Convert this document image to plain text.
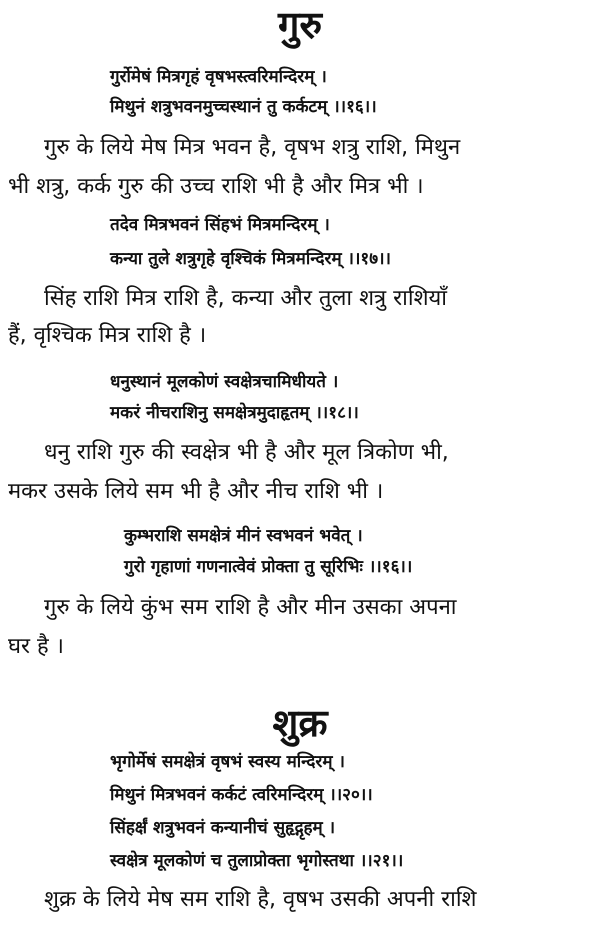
गुरु
गुर्रोमेषं मित्रगृहं वृषभस्त्वरिमन्दिरम् ।
मिथुनं शत्रुभवनमुच्चस्थानं तु कर्कटम् ।।१६।।
गुरु के लिये मेष मित्र भवन है, वृषभ शत्रु राशि, मिथुन
भी शत्रु, कर्क गुरु की उच्च राशि भी है और मित्र भी ।
तदेव मित्रभवनं सिंहभं मित्रमन्दिरम् ।
कन्या तुले शत्रुगृहे वृश्चिकं मित्रमन्दिरम् ।।१७।।
सिंह राशि मित्र राशि है, कन्या और तुला शत्रु राशियाँ
हैं, वृश्चिक मित्र राशि है ।
धनुस्थानं मूलकोणं स्वक्षेत्रचामिधीयते ।
मकरं नीचराशिनु समक्षेत्रमुदाहृतम् ।।१८।।
धनु राशि गुरु की स्वक्षेत्र भी है और मूल त्रिकोण भी,
मकर उसके लिये सम भी है और नीच राशि भी ।
कुम्भराशि समक्षेत्रं मीनं स्वभवनं भवेत् ।
गुरो गृहाणां गणनात्वेवं प्रोक्ता तु सूरिभिः ।।१६।।
गुरु के लिये कुंभ सम राशि है और मीन उसका अपना
घर है ।
शुक्र
भृगोर्मेषं समक्षेत्रं वृषभं स्वस्य मन्दिरम् ।
मिथुनं मित्रभवनं कर्कटं त्वरिमन्दिरम् ।।२०।।
सिंहर्क्षं शत्रुभवनं कन्यानीचं सुहृद्गृहम् ।
स्वक्षेत्र मूलकोणं च तुलाप्रोक्ता भृगोस्तथा ।।२१।।
शुक्र के लिये मेष सम राशि है, वृषभ उसकी अपनी राशि
